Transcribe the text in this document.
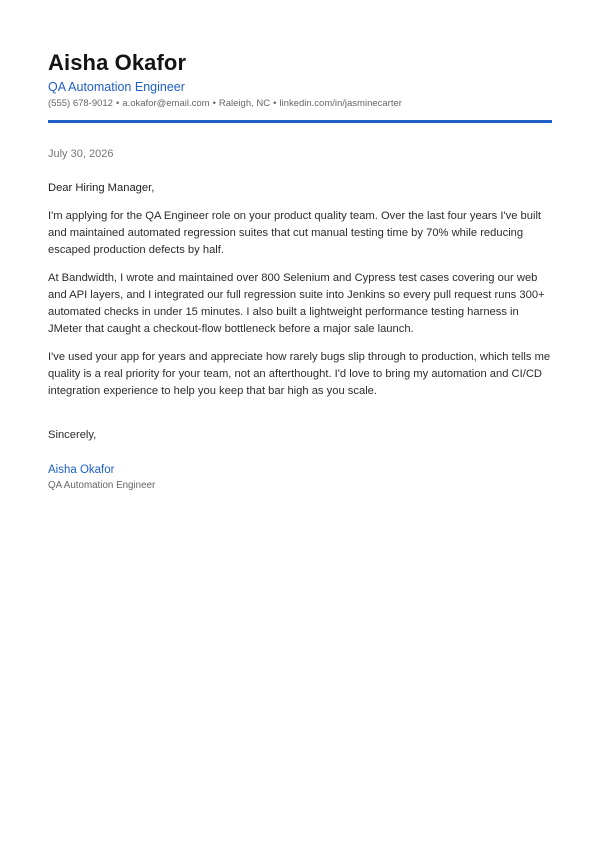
Aisha Okafor
QA Automation Engineer
(555) 678-9012 • a.okafor@email.com • Raleigh, NC • linkedin.com/in/jasminecarter
July 30, 2026

Dear Hiring Manager,

I'm applying for the QA Engineer role on your product quality team. Over the last four years I've built and maintained automated regression suites that cut manual testing time by 70% while reducing escaped production defects by half.

At Bandwidth, I wrote and maintained over 800 Selenium and Cypress test cases covering our web and API layers, and I integrated our full regression suite into Jenkins so every pull request runs 300+ automated checks in under 15 minutes. I also built a lightweight performance testing harness in JMeter that caught a checkout-flow bottleneck before a major sale launch.

I've used your app for years and appreciate how rarely bugs slip through to production, which tells me quality is a real priority for your team, not an afterthought. I'd love to bring my automation and CI/CD integration experience to help you keep that bar high as you scale.

Sincerely,
Aisha Okafor
QA Automation Engineer
